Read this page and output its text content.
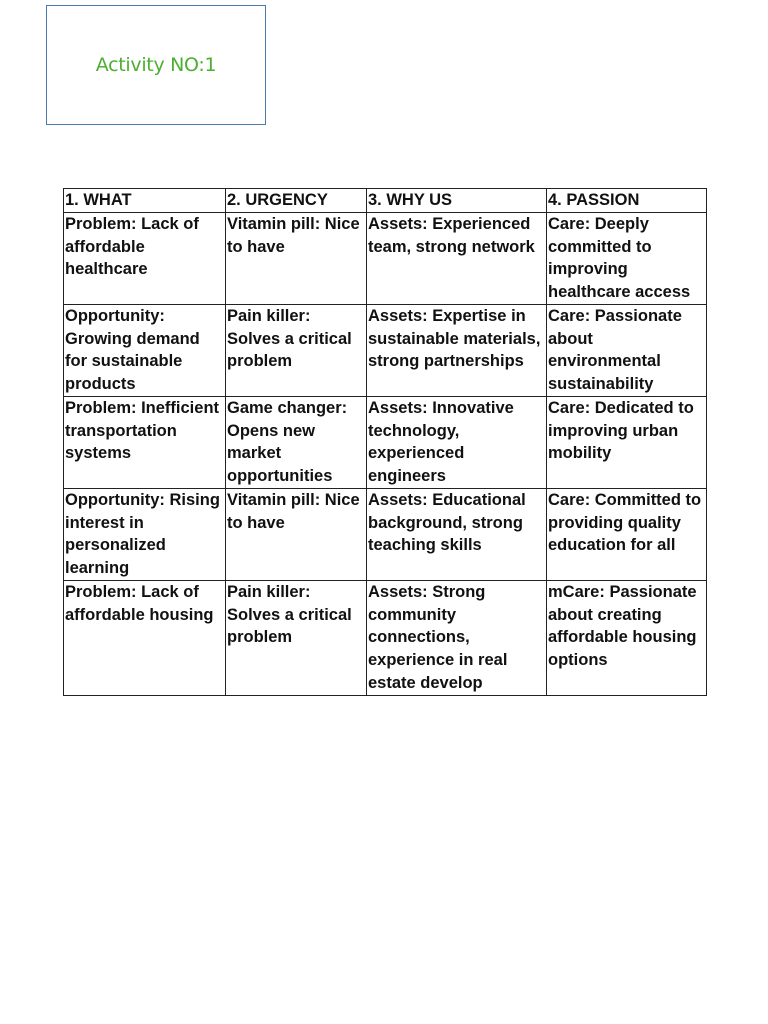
Activity NO:1
1. WHAT	2. URGENCY	3. WHY US	4. PASSION
Problem: Lack of affordable healthcare	Vitamin pill: Nice to have	Assets: Experienced team, strong network	Care: Deeply committed to improving healthcare access
Opportunity: Growing demand for sustainable products	Pain killer: Solves a critical problem	Assets: Expertise in sustainable materials, strong partnerships	Care: Passionate about environmental sustainability
Problem: Inefficient transportation systems	Game changer: Opens new market opportunities	Assets: Innovative technology, experienced engineers	Care: Dedicated to improving urban mobility
Opportunity: Rising interest in personalized learning	Vitamin pill: Nice to have	Assets: Educational background, strong teaching skills	Care: Committed to providing quality education for all
Problem: Lack of affordable housing	Pain killer: Solves a critical problem	Assets: Strong community connections, experience in real estate develop	mCare: Passionate about creating affordable housing options
